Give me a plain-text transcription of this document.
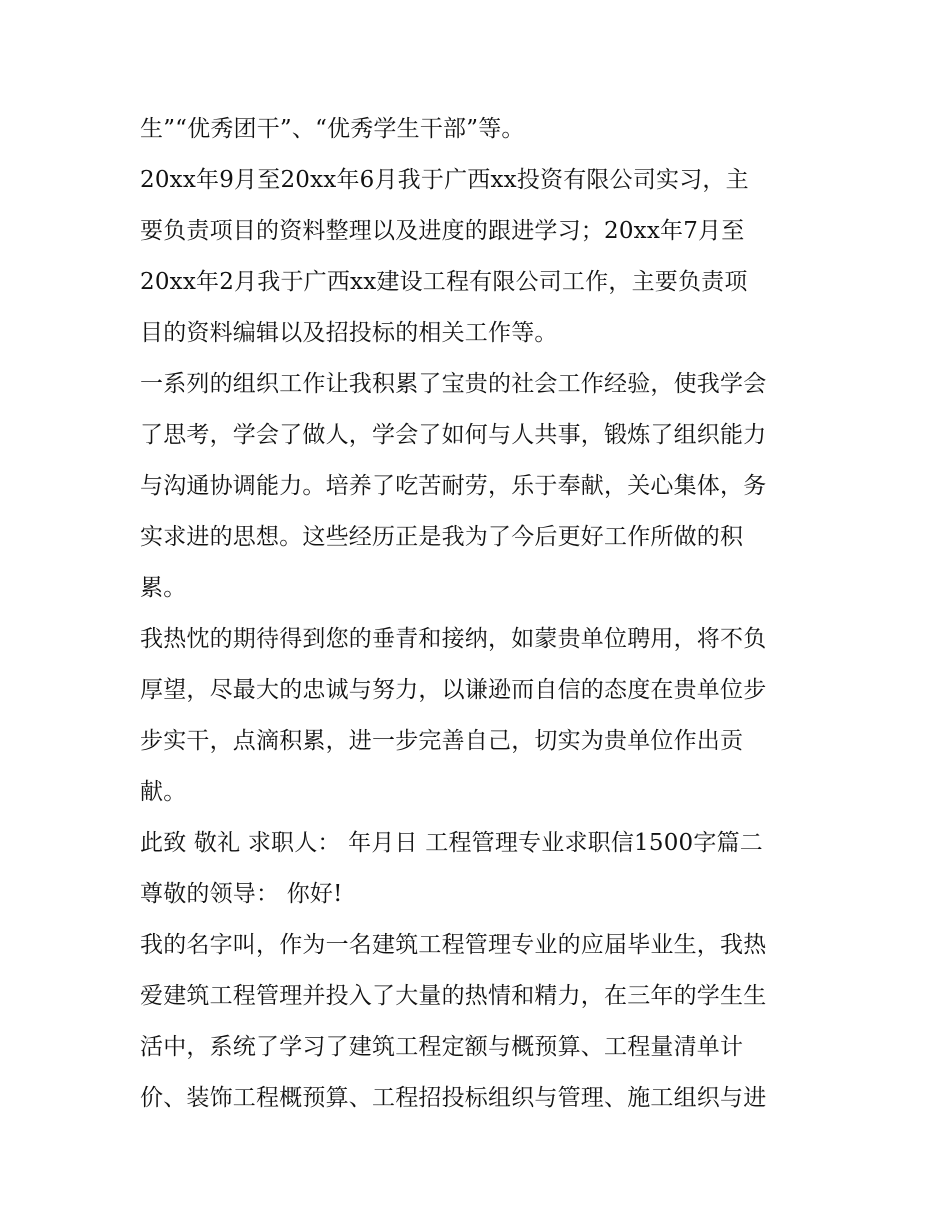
生”“优秀团干”、“优秀学生干部”等。
20xx年9月至20xx年6月我于广西xx投资有限公司实习，主
要负责项目的资料整理以及进度的跟进学习；20xx年7月至
20xx年2月我于广西xx建设工程有限公司工作，主要负责项
目的资料编辑以及招投标的相关工作等。
一系列的组织工作让我积累了宝贵的社会工作经验，使我学会
了思考，学会了做人，学会了如何与人共事，锻炼了组织能力
与沟通协调能力。培养了吃苦耐劳，乐于奉献，关心集体，务
实求进的思想。这些经历正是我为了今后更好工作所做的积
累。
我热忱的期待得到您的垂青和接纳，如蒙贵单位聘用，将不负
厚望，尽最大的忠诚与努力，以谦逊而自信的态度在贵单位步
步实干，点滴积累，进一步完善自己，切实为贵单位作出贡
献。
此致 敬礼 求职人： 年月日 工程管理专业求职信1500字篇二
尊敬的领导： 你好!
我的名字叫，作为一名建筑工程管理专业的应届毕业生，我热
爱建筑工程管理并投入了大量的热情和精力，在三年的学生生
活中，系统了学习了建筑工程定额与概预算、工程量清单计
价、装饰工程概预算、工程招投标组织与管理、施工组织与进
